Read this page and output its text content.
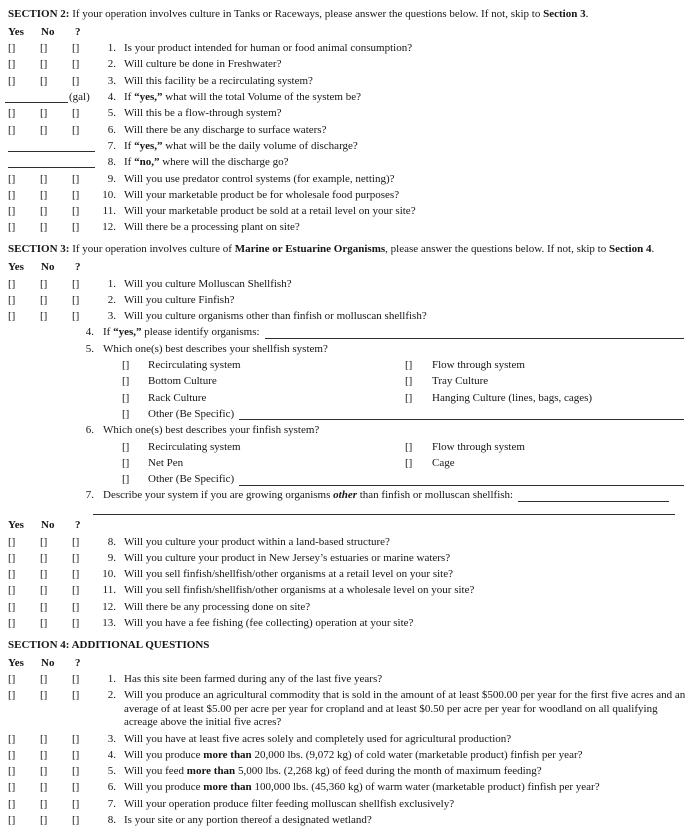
SECTION 2: If your operation involves culture in Tanks or Raceways, please answer the questions below. If not, skip to Section 3.
Yes No ?
[]	[]	[]	1. Is your product intended for human or food animal consumption?
[]	[]	[]	2. Will culture be done in Freshwater?
[]	[]	[]	3. Will this facility be a recirculating system?
(gal)	4. If “yes,” what will the total Volume of the system be?
[]	[]	[]	5. Will this be a flow-through system?
[]	[]	[]	6. Will there be any discharge to surface waters?
7. If “yes,” what will be the daily volume of discharge?
8. If “no,” where will the discharge go?
[]	[]	[]	9. Will you use predator control systems (for example, netting)?
[]	[]	[]	10. Will your marketable product be for wholesale food purposes?
[]	[]	[]	11. Will your marketable product be sold at a retail level on your site?
[]	[]	[]	12. Will there be a processing plant on site?
SECTION 3: If your operation involves culture of Marine or Estuarine Organisms, please answer the questions below. If not, skip to Section 4.
Yes No ?
[]	[]	[]	1. Will you culture Molluscan Shellfish?
[]	[]	[]	2. Will you culture Finfish?
[]	[]	[]	3. Will you culture organisms other than finfish or molluscan shellfish?
4. If “yes,” please identify organisms:
5. Which one(s) best describes your shellfish system?
[]	Recirculating system	[]	Flow through system
[]	Bottom Culture	[]	Tray Culture
[]	Rack Culture	[]	Hanging Culture (lines, bags, cages)
[]	Other (Be Specific)
6. Which one(s) best describes your finfish system?
[]	Recirculating system	[]	Flow through system
[]	Net Pen	[]	Cage
[]	Other (Be Specific)
7. Describe your system if you are growing organisms other than finfish or molluscan shellfish:
Yes No ?
[]	[]	[]	8. Will you culture your product within a land-based structure?
[]	[]	[]	9. Will you culture your product in New Jersey’s estuaries or marine waters?
[]	[]	[]	10. Will you sell finfish/shellfish/other organisms at a retail level on your site?
[]	[]	[]	11. Will you sell finfish/shellfish/other organisms at a wholesale level on your site?
[]	[]	[]	12. Will there be any processing done on site?
[]	[]	[]	13. Will you have a fee fishing (fee collecting) operation at your site?
SECTION 4: ADDITIONAL QUESTIONS
Yes No ?
[]	[]	[]	1. Has this site been farmed during any of the last five years?
[]	[]	[]	2. Will you produce an agricultural commodity that is sold in the amount of at least $500.00 per year for the first five acres and an average of at least $5.00 per acre per year for cropland and at least $0.50 per acre per year for woodland on all qualifying acreage above the initial five acres?
[]	[]	[]	3. Will you have at least five acres solely and completely used for agricultural production?
[]	[]	[]	4. Will you produce more than 20,000 lbs. (9,072 kg) of cold water (marketable product) finfish per year?
[]	[]	[]	5. Will you feed more than 5,000 lbs. (2,268 kg) of feed during the month of maximum feeding?
[]	[]	[]	6. Will you produce more than 100,000 lbs. (45,360 kg) of warm water (marketable product) finfish per year?
[]	[]	[]	7. Will your operation produce filter feeding molluscan shellfish exclusively?
[]	[]	[]	8. Is your site or any portion thereof a designated wetland?
